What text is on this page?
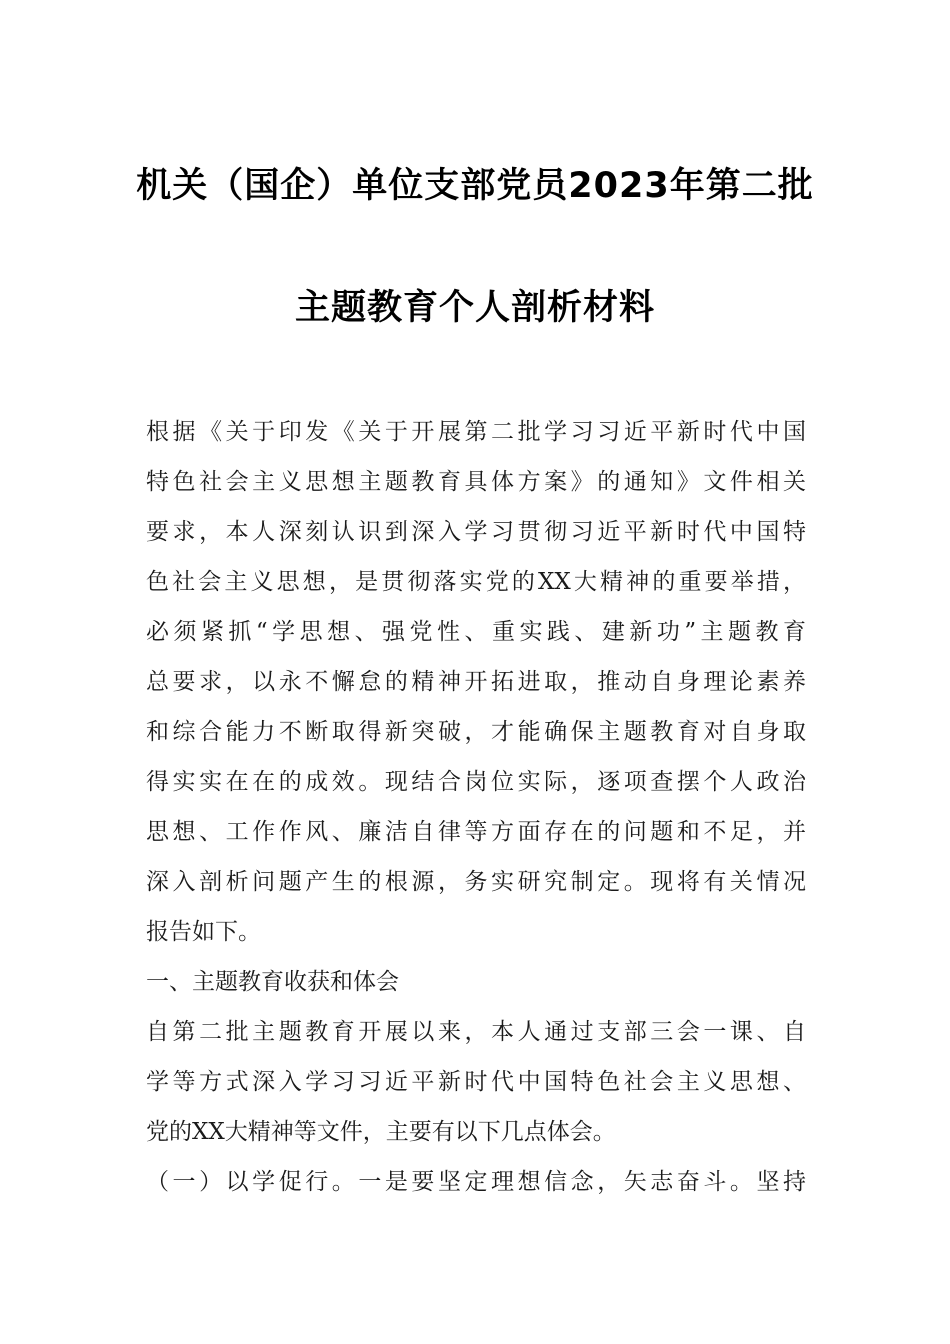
机关（国企）单位支部党员2023年第二批
主题教育个人剖析材料
根据《关于印发《关于开展第二批学习习近平新时代中国
特色社会主义思想主题教育具体方案》的通知》文件相关
要求，本人深刻认识到深入学习贯彻习近平新时代中国特
色社会主义思想，是贯彻落实党的XX大精神的重要举措，
必须紧抓“学思想、强党性、重实践、建新功”主题教育
总要求，以永不懈怠的精神开拓进取，推动自身理论素养
和综合能力不断取得新突破，才能确保主题教育对自身取
得实实在在的成效。现结合岗位实际，逐项查摆个人政治
思想、工作作风、廉洁自律等方面存在的问题和不足，并
深入剖析问题产生的根源，务实研究制定。现将有关情况
报告如下。
一、主题教育收获和体会
自第二批主题教育开展以来，本人通过支部三会一课、自
学等方式深入学习习近平新时代中国特色社会主义思想、
党的XX大精神等文件，主要有以下几点体会。
（一）以学促行。一是要坚定理想信念，矢志奋斗。坚持
